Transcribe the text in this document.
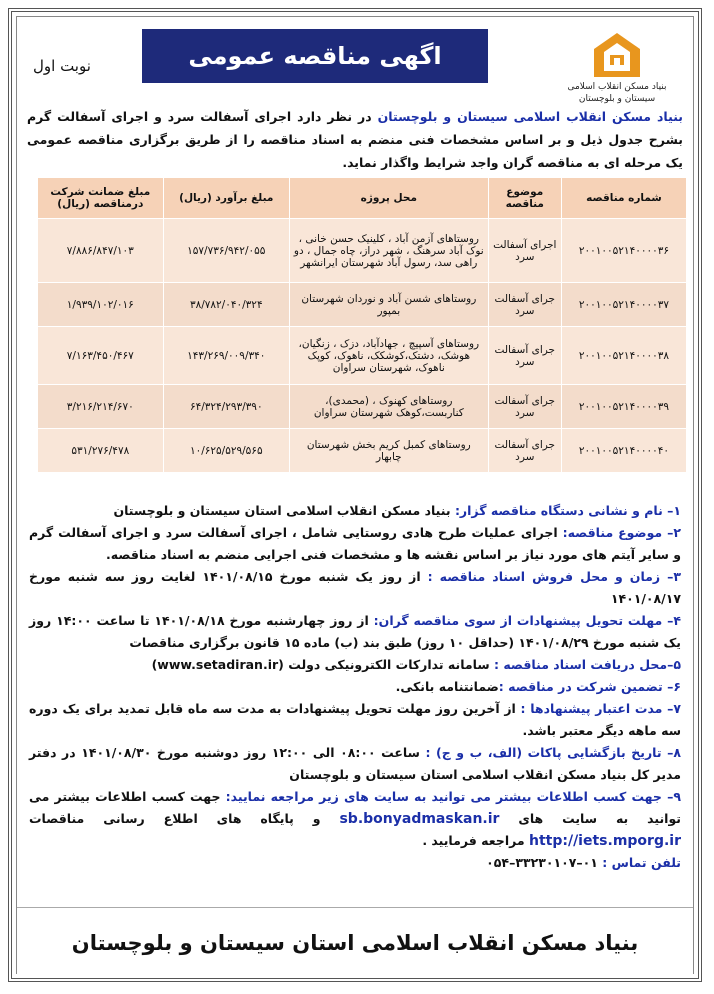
بنیاد مسکن انقلاب اسلامی
سیستان و بلوچستان
اگهی مناقصه عمومی
نوبت اول
بنیاد مسکن انقلاب اسلامی سیستان و بلوچستان در نظر دارد اجرای آسفالت سرد و اجرای آسفالت گرم بشرح جدول ذیل و بر اساس مشخصات فنی منضم به اسناد مناقصه را از طریق برگزاری مناقصه عمومی یک مرحله ای به مناقصه گران واجد شرایط واگذار نماید.
شماره مناقصه	موضوع مناقصه	محل پروژه	مبلغ برآورد (ریال)	مبلغ ضمانت شرکت درمناقصه (ریال)
۲۰۰۱۰۰۵۲۱۴۰۰۰۰۳۶	اجرای آسفالت سرد	روستاهای آزمن آباد ، کلینیک حسن خانی ، نوک آباد سرهنگ ، شهر دراز، چاه جمال ، دو راهی سد، رسول آباد شهرستان ایرانشهر	۱۵۷/۷۳۶/۹۴۲/۰۵۵	۷/۸۸۶/۸۴۷/۱۰۳
۲۰۰۱۰۰۵۲۱۴۰۰۰۰۳۷	جرای آسفالت سرد	روستاهای شسن آباد و نوردان شهرستان بمپور	۳۸/۷۸۲/۰۴۰/۳۲۴	۱/۹۳۹/۱۰۲/۰۱۶
۲۰۰۱۰۰۵۲۱۴۰۰۰۰۳۸	جرای آسفالت سرد	روستاهای آسپیچ ، جهادآباد، دزک ، زنگیان، هوشک، دشتک،کوشکک، ناهوک، کوپک ناهوک، شهرستان سراوان	۱۴۳/۲۶۹/۰۰۹/۳۴۰	۷/۱۶۳/۴۵۰/۴۶۷
۲۰۰۱۰۰۵۲۱۴۰۰۰۰۳۹	جرای آسفالت سرد	روستاهای کهنوک ، (محمدی)، کناربست،کوهک شهرستان سراوان	۶۴/۳۲۴/۲۹۳/۳۹۰	۳/۲۱۶/۲۱۴/۶۷۰
۲۰۰۱۰۰۵۲۱۴۰۰۰۰۴۰	جرای آسفالت سرد	روستاهای کمبل کریم بخش شهرستان چابهار	۱۰/۶۲۵/۵۲۹/۵۶۵	۵۳۱/۲۷۶/۴۷۸
۱– نام و نشانی دستگاه مناقصه گزار: بنیاد مسکن انقلاب اسلامی استان سیستان و بلوچستان
۲– موضوع مناقصه: اجرای عملیات طرح هادی روستایی شامل ، اجرای آسفالت سرد و اجرای آسفالت گرم و سایر آیتم های مورد نیاز بر اساس نقشه ها و مشخصات فنی اجرایی منضم به اسناد مناقصه.
۳– زمان و محل فروش اسناد مناقصه : از روز یک شنبه مورخ ۱۴۰۱/۰۸/۱۵ لغایت روز سه شنبه مورخ ۱۴۰۱/۰۸/۱۷
۴– مهلت تحویل پیشنهادات از سوی مناقصه گران: از روز چهارشنبه مورخ ۱۴۰۱/۰۸/۱۸ تا ساعت ۱۴:۰۰ روز یک شنبه مورخ ۱۴۰۱/۰۸/۲۹ (حداقل ۱۰ روز) طبق بند (ب) ماده ۱۵ قانون برگزاری مناقصات
۵–محل دریافت اسناد مناقصه : سامانه تدارکات الکترونیکی دولت (www.setadiran.ir)
۶– تضمین شرکت در مناقصه :ضمانتنامه بانکی.
۷– مدت اعتبار پیشنهادها : از آخرین روز مهلت تحویل پیشنهادات به مدت سه ماه قابل تمدید برای یک دوره سه ماهه دیگر معتبر باشد.
۸– تاریخ بازگشایی پاکات (الف، ب و ج) : ساعت ۰۸:۰۰ الی ۱۲:۰۰ روز دوشنبه مورخ ۱۴۰۱/۰۸/۳۰ در دفتر مدیر کل بنیاد مسکن انقلاب اسلامی استان سیستان و بلوچستان
۹– جهت کسب اطلاعات بیشتر می توانید به سایت های زیر مراجعه نمایید: جهت کسب اطلاعات بیشتر می توانید به سایت های sb.bonyadmaskan.ir و پایگاه های اطلاع رسانی مناقصات http://iets.mporg.ir مراجعه فرمایید .
تلفن تماس : ۰۱–۳۳۲۳۰۱۰۷–۰۵۴
بنیاد مسکن انقلاب اسلامی استان سیستان و بلوچستان
